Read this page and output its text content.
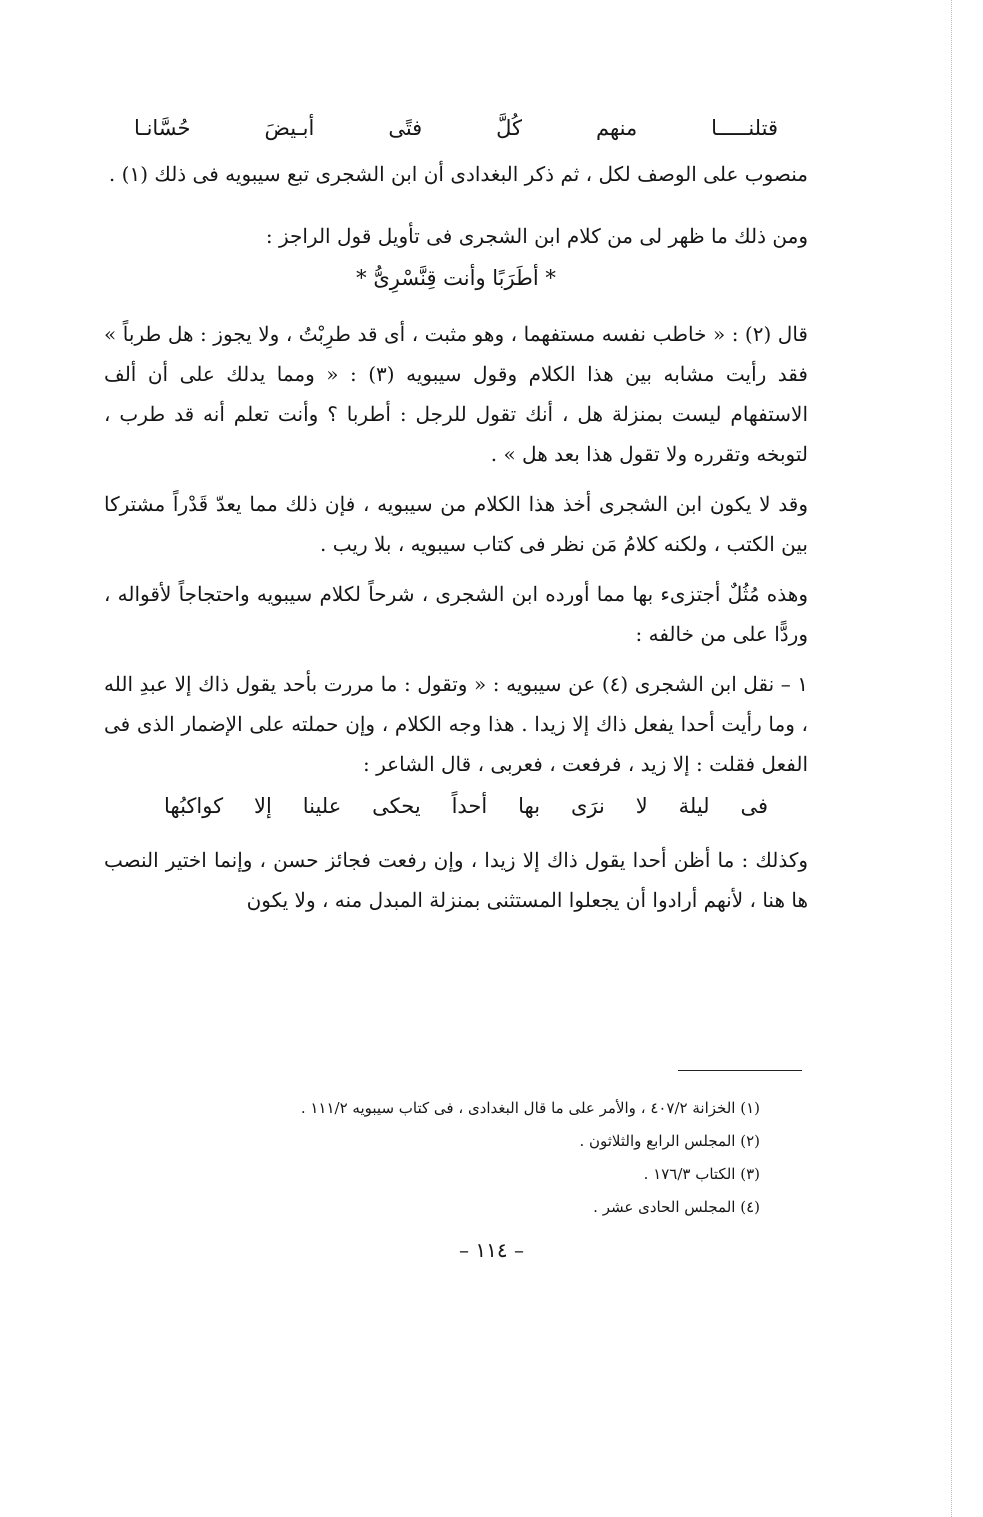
قتلنـــــا
منهم
كُلَّ
فتًى
أبـيضَ
حُسَّانـا

منصوب على الوصف لكل ، ثم ذكر البغدادى أن ابن الشجرى تبع سيبويه فى ذلك (١) .

ومن ذلك ما ظهر لى من كلام ابن الشجرى فى تأويل قول الراجز :

* أطَرَبًا وأنت قِنَّسْرِىُّ *

قال (٢) : « خاطب نفسه مستفهما ، وهو مثبت ، أى قد طرِبْتُ ، ولا يجوز : هل طرباً » فقد رأيت مشابه بين هذا الكلام وقول سيبويه (٣) : « ومما يدلك على أن ألف الاستفهام ليست بمنزلة هل ، أنك تقول للرجل : أطربا ؟ وأنت تعلم أنه قد طرب ، لتوبخه وتقرره ولا تقول هذا بعد هل » .

وقد لا يكون ابن الشجرى أخذ هذا الكلام من سيبويه ، فإن ذلك مما يعدّ قَدْراً مشتركا بين الكتب ، ولكنه كلامُ مَن نظر فى كتاب سيبويه ، بلا ريب .

وهذه مُثُلٌ أجتزىء بها مما أورده ابن الشجرى ، شرحاً لكلام سيبويه واحتجاجاً لأقواله ، وردًّا على من خالفه :

١ – نقل ابن الشجرى (٤) عن سيبويه : « وتقول : ما مررت بأحد يقول ذاك إلا عبدِ الله ، وما رأيت أحدا يفعل ذاك إلا زيدا . هذا وجه الكلام ، وإن حملته على الإضمار الذى فى الفعل فقلت : إلا زيد ، فرفعت ، فعربى ، قال الشاعر :

فى
ليلة
لا
نرَى
بها
أحداً
يحكى
علينا
إلا
كواكبُها

وكذلك : ما أظن أحدا يقول ذاك إلا زيدا ، وإن رفعت فجائز حسن ، وإنما اختير النصب ها هنا ، لأنهم أرادوا أن يجعلوا المستثنى بمنزلة المبدل منه ، ولا يكون

(١) الخزانة ٤٠٧/٢ ، والأمر على ما قال البغدادى ، فى كتاب سيبويه ١١١/٢ .
(٢) المجلس الرابع والثلاثون .
(٣) الكتاب ١٧٦/٣ .
(٤) المجلس الحادى عشر .
– ١١٤ –
